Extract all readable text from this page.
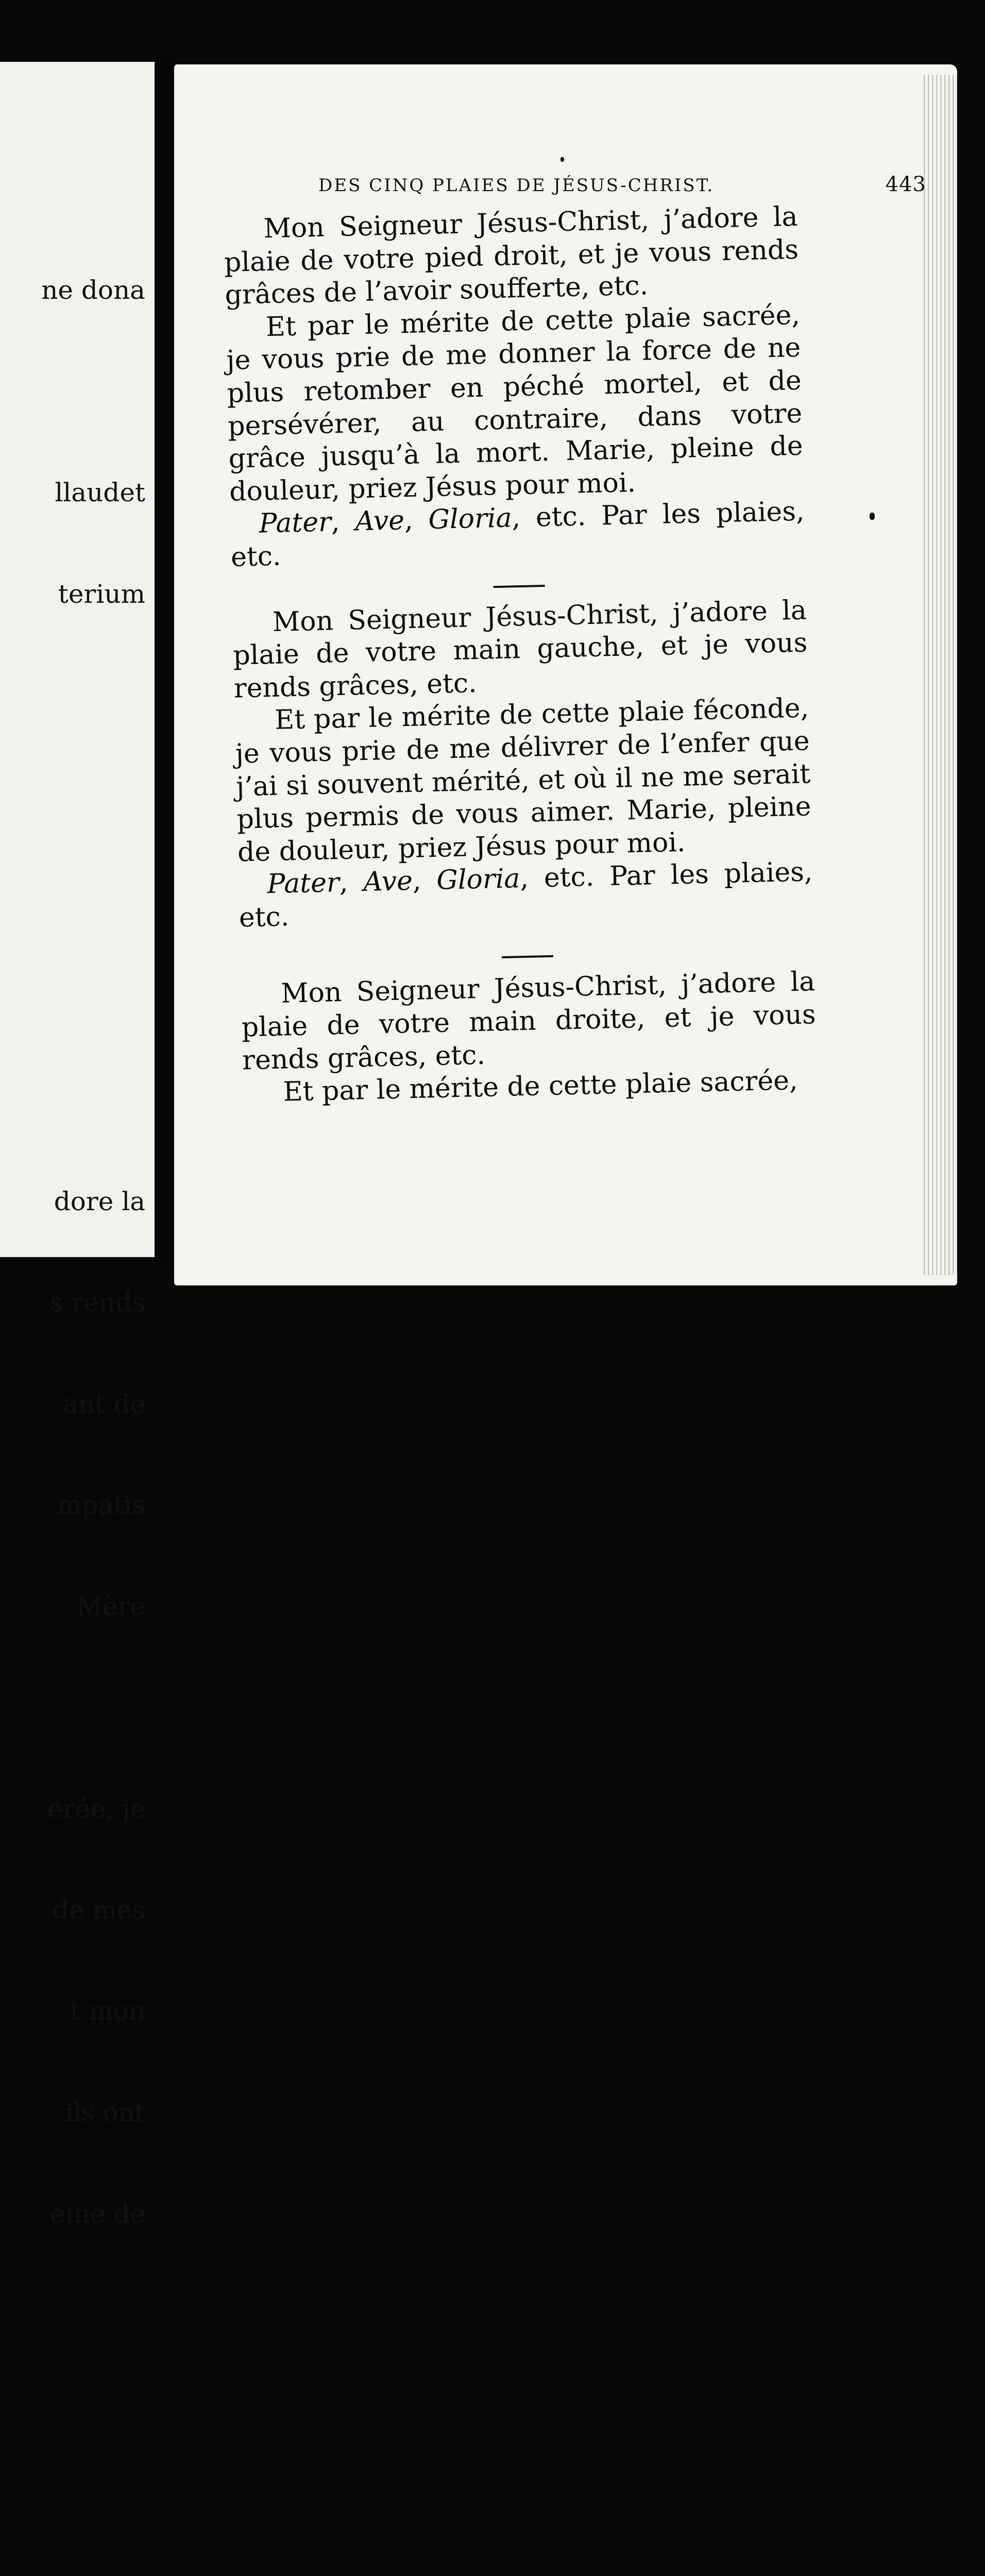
ne dona

llaudet

terium

dore la

s rends

ant de

mpatis

Mère

erée, je

de mes

t mon

ils ont

eine de

DES CINQ PLAIES DE JÉSUS-CHRIST.	443

Mon Seigneur Jésus-Christ, j’adore la plaie de votre pied droit, et je vous rends grâces de l’avoir soufferte, etc.

Et par le mérite de cette plaie sacrée, je vous prie de me donner la force de ne plus retomber en péché mortel, et de persévérer, au contraire, dans votre grâce jusqu’à la mort. Marie, pleine de douleur, priez Jésus pour moi.

Pater, Ave, Gloria, etc. Par les plaies, etc.

Mon Seigneur Jésus-Christ, j’adore la plaie de votre main gauche, et je vous rends grâces, etc.

Et par le mérite de cette plaie féconde, je vous prie de me délivrer de l’enfer que j’ai si souvent mérité, et où il ne me serait plus permis de vous aimer. Marie, pleine de douleur, priez Jésus pour moi.

Pater, Ave, Gloria, etc. Par les plaies, etc.

Mon Seigneur Jésus-Christ, j’adore la plaie de votre main droite, et je vous rends grâces, etc.

Et par le mérite de cette plaie sacrée,
